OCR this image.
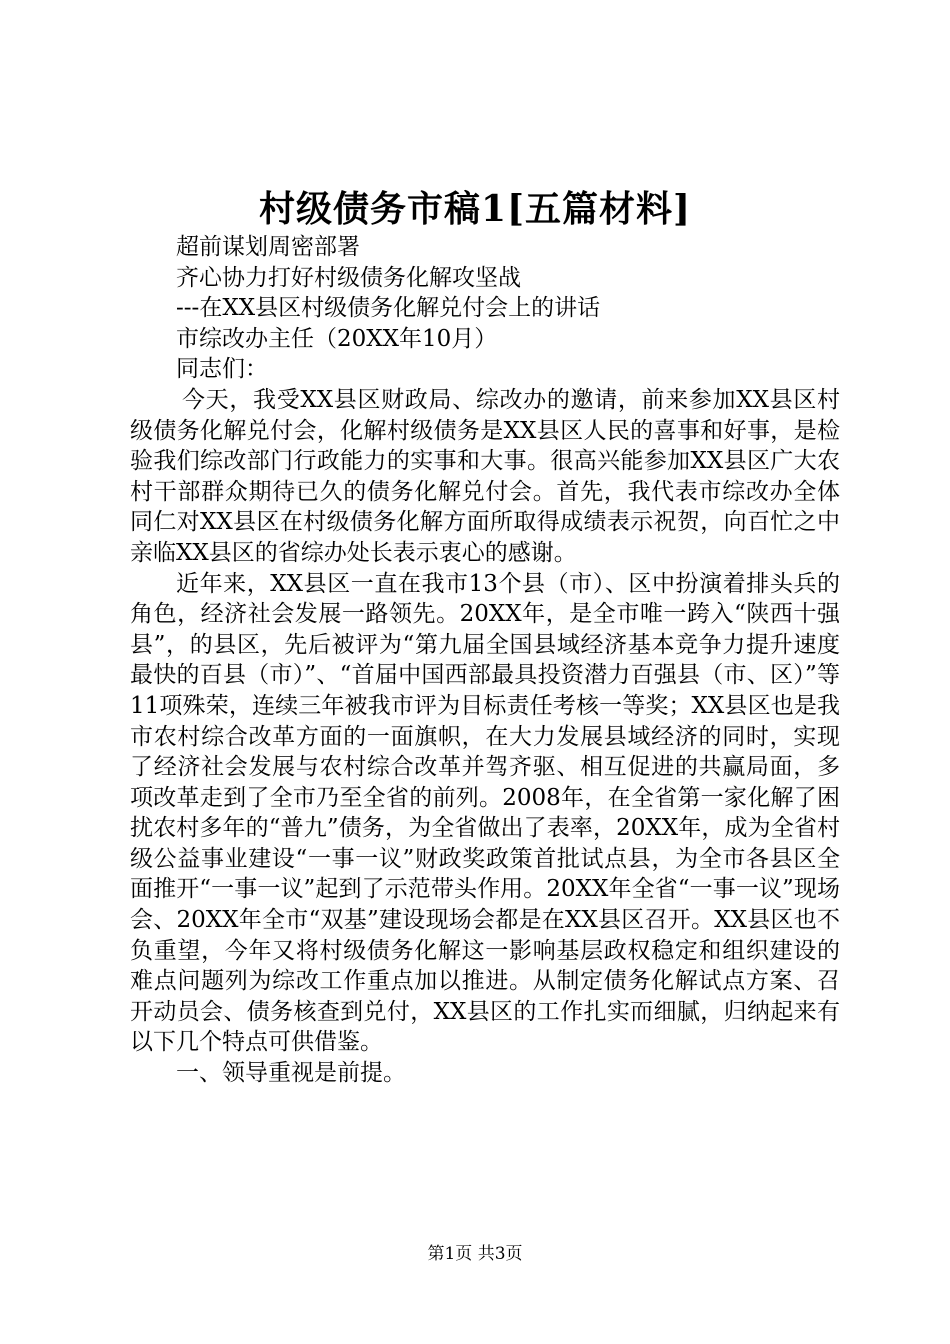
村级债务市稿1[五篇材料]

超前谋划周密部署

齐心协力打好村级债务化解攻坚战

---在XX县区村级债务化解兑付会上的讲话

市综改办主任（20XX年10月）

同志们：

今天，我受XX县区财政局、综改办的邀请，前来参加XX县区村级债务化解兑付会，化解村级债务是XX县区人民的喜事和好事，是检验我们综改部门行政能力的实事和大事。很高兴能参加XX县区广大农村干部群众期待已久的债务化解兑付会。首先，我代表市综改办全体同仁对XX县区在村级债务化解方面所取得成绩表示祝贺，向百忙之中亲临XX县区的省综办处长表示衷心的感谢。

近年来，XX县区一直在我市13个县（市）、区中扮演着排头兵的角色，经济社会发展一路领先。20XX年，是全市唯一跨入“陕西十强县”，的县区，先后被评为“第九届全国县域经济基本竞争力提升速度最快的百县（市）”、“首届中国西部最具投资潜力百强县（市、区）”等11项殊荣，连续三年被我市评为目标责任考核一等奖；XX县区也是我市农村综合改革方面的一面旗帜，在大力发展县域经济的同时，实现了经济社会发展与农村综合改革并驾齐驱、相互促进的共赢局面，多项改革走到了全市乃至全省的前列。2008年，在全省第一家化解了困扰农村多年的“普九”债务，为全省做出了表率，20XX年，成为全省村级公益事业建设“一事一议”财政奖政策首批试点县，为全市各县区全面推开“一事一议”起到了示范带头作用。20XX年全省“一事一议”现场会、20XX年全市“双基”建设现场会都是在XX县区召开。XX县区也不负重望，今年又将村级债务化解这一影响基层政权稳定和组织建设的难点问题列为综改工作重点加以推进。从制定债务化解试点方案、召开动员会、债务核查到兑付，XX县区的工作扎实而细腻，归纳起来有以下几个特点可供借鉴。

一、领导重视是前提。

第1页 共3页
